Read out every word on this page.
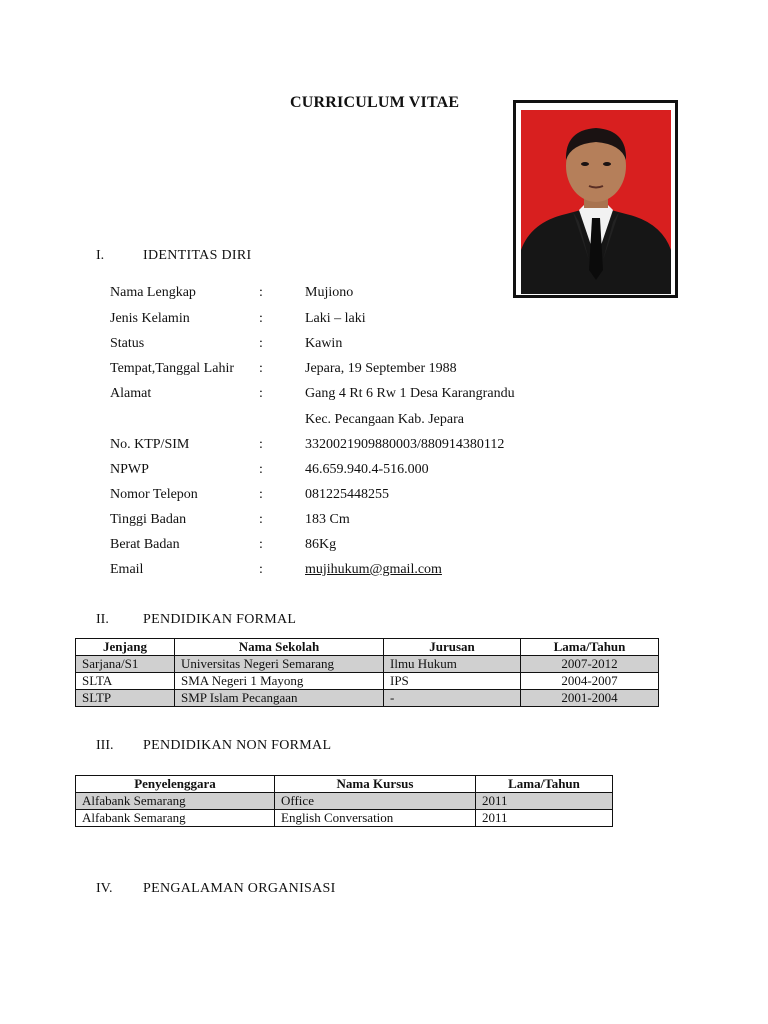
CURRICULUM VITAE
I.	IDENTITAS DIRI
Nama Lengkap	:	Mujiono
Jenis Kelamin	:	Laki – laki
Status	:	Kawin
Tempat,Tanggal Lahir :	Jepara, 19 September 1988
Alamat	:	Gang 4 Rt 6 Rw 1 Desa Karangrandu
Kec. Pecangaan Kab. Jepara
No. KTP/SIM	:	3320021909880003/880914380112
NPWP	:	46.659.940.4-516.000
Nomor Telepon	:	081225448255
Tinggi Badan	:	183 Cm
Berat Badan	:	86Kg
Email	:	mujihukum@gmail.com
II. PENDIDIKAN FORMAL
Jenjang	Nama Sekolah	Jurusan	Lama/Tahun
Sarjana/S1	Universitas Negeri Semarang	Ilmu Hukum	2007-2012
SLTA	SMA Negeri 1 Mayong	IPS	2004-2007
SLTP	SMP Islam Pecangaan	-	2001-2004
III. PENDIDIKAN NON FORMAL
Penyelenggara	Nama Kursus	Lama/Tahun
Alfabank Semarang	Office	2011
Alfabank Semarang	English Conversation	2011
IV. PENGALAMAN ORGANISASI
